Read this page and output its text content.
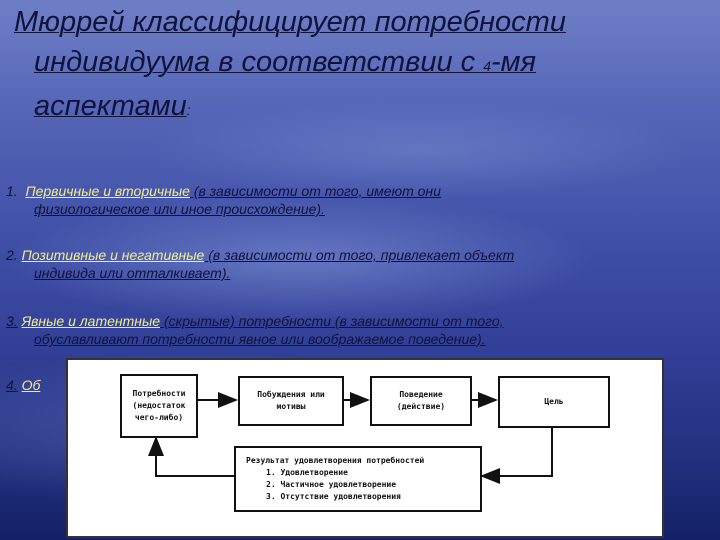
Мюррей классифицирует потребности
индивидуума в соответствии с 4-мя
аспектами:
1. Первичные и вторичные (в зависимости от того, имеют они
физиологическое или иное происхождение).
2. Позитивные и негативные (в зависимости от того, привлекает объект
индивида или отталкивает).
3. Явные и латентные (скрытые) потребности (в зависимости от того,
обуславливают потребности явное или воображаемое поведение).
4. Oб
Потребности
(недостаток
чего-либо)
Побуждения или
мотивы
Поведение
(действие)
Цель
Результат удовлетворения потребностей
1. Удовлетворение
2. Частичное удовлетворение
3. Отсутствие удовлетворения
